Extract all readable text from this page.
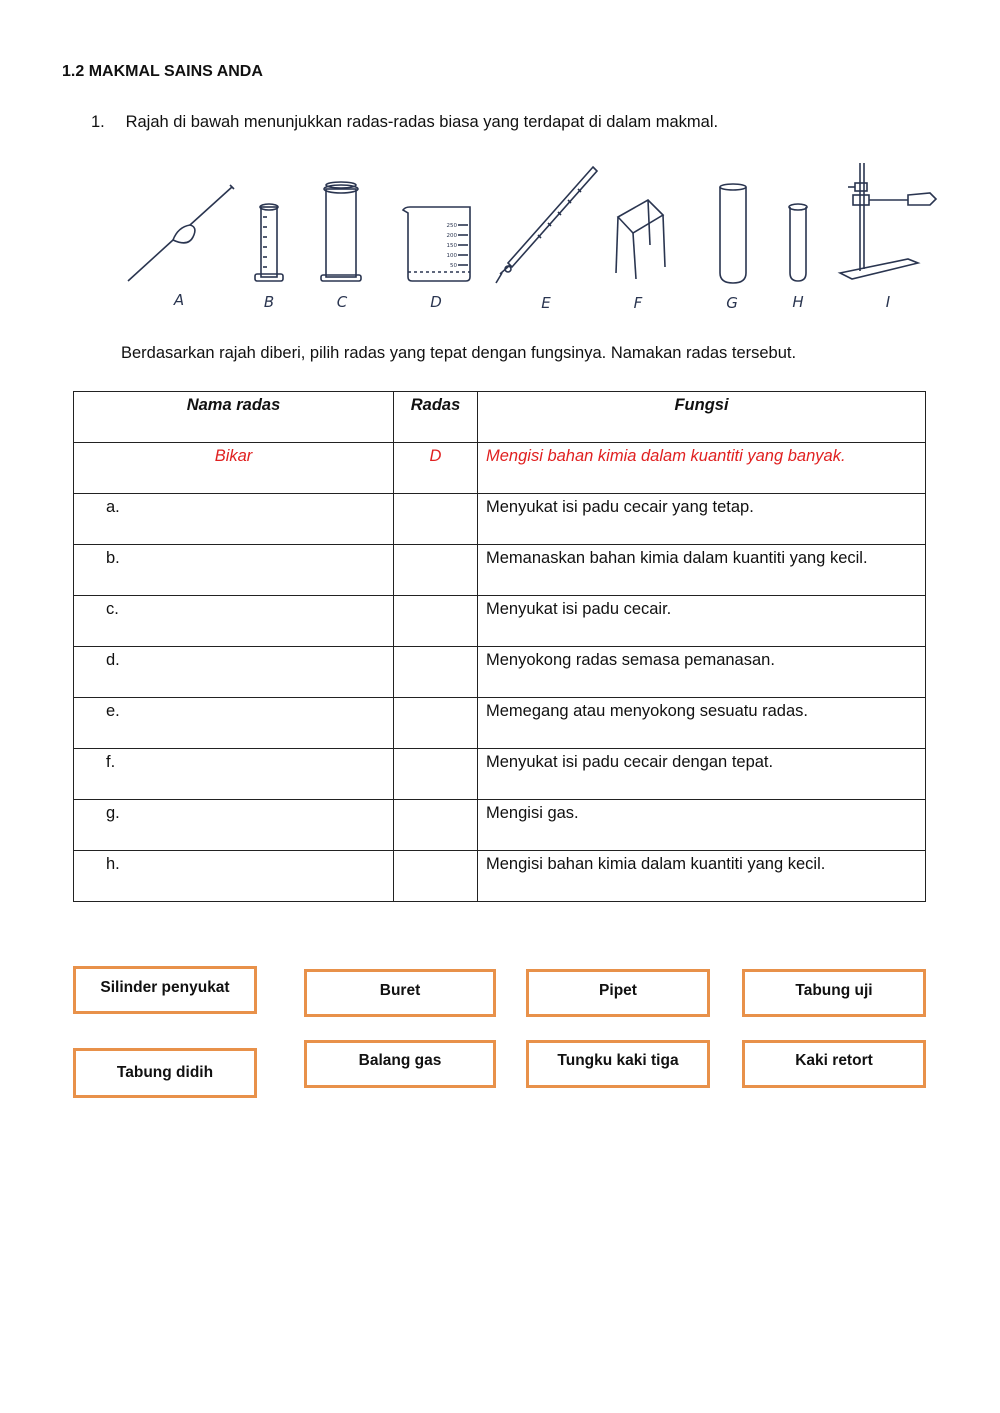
1.2 MAKMAL SAINS ANDA
1. Rajah di bawah menunjukkan radas-radas biasa yang terdapat di dalam makmal.
A	B	C	D	E	F	G	H	I
250
200
150
100
50
Berdasarkan rajah diberi, pilih radas yang tepat dengan fungsinya. Namakan radas tersebut.
Nama radas	Radas	Fungsi
Bikar	D	Mengisi bahan kimia dalam kuantiti yang banyak.
a.		Menyukat isi padu cecair yang tetap.
b.		Memanaskan bahan kimia dalam kuantiti yang kecil.
c.		Menyukat isi padu cecair.
d.		Menyokong radas semasa pemanasan.
e.		Memegang atau menyokong sesuatu radas.
f.		Menyukat isi padu cecair dengan tepat.
g.		Mengisi gas.
h.		Mengisi bahan kimia dalam kuantiti yang kecil.
Silinder penyukat	Buret	Pipet	Tabung uji
Tabung didih
Balang gas	Tungku kaki tiga	Kaki retort
